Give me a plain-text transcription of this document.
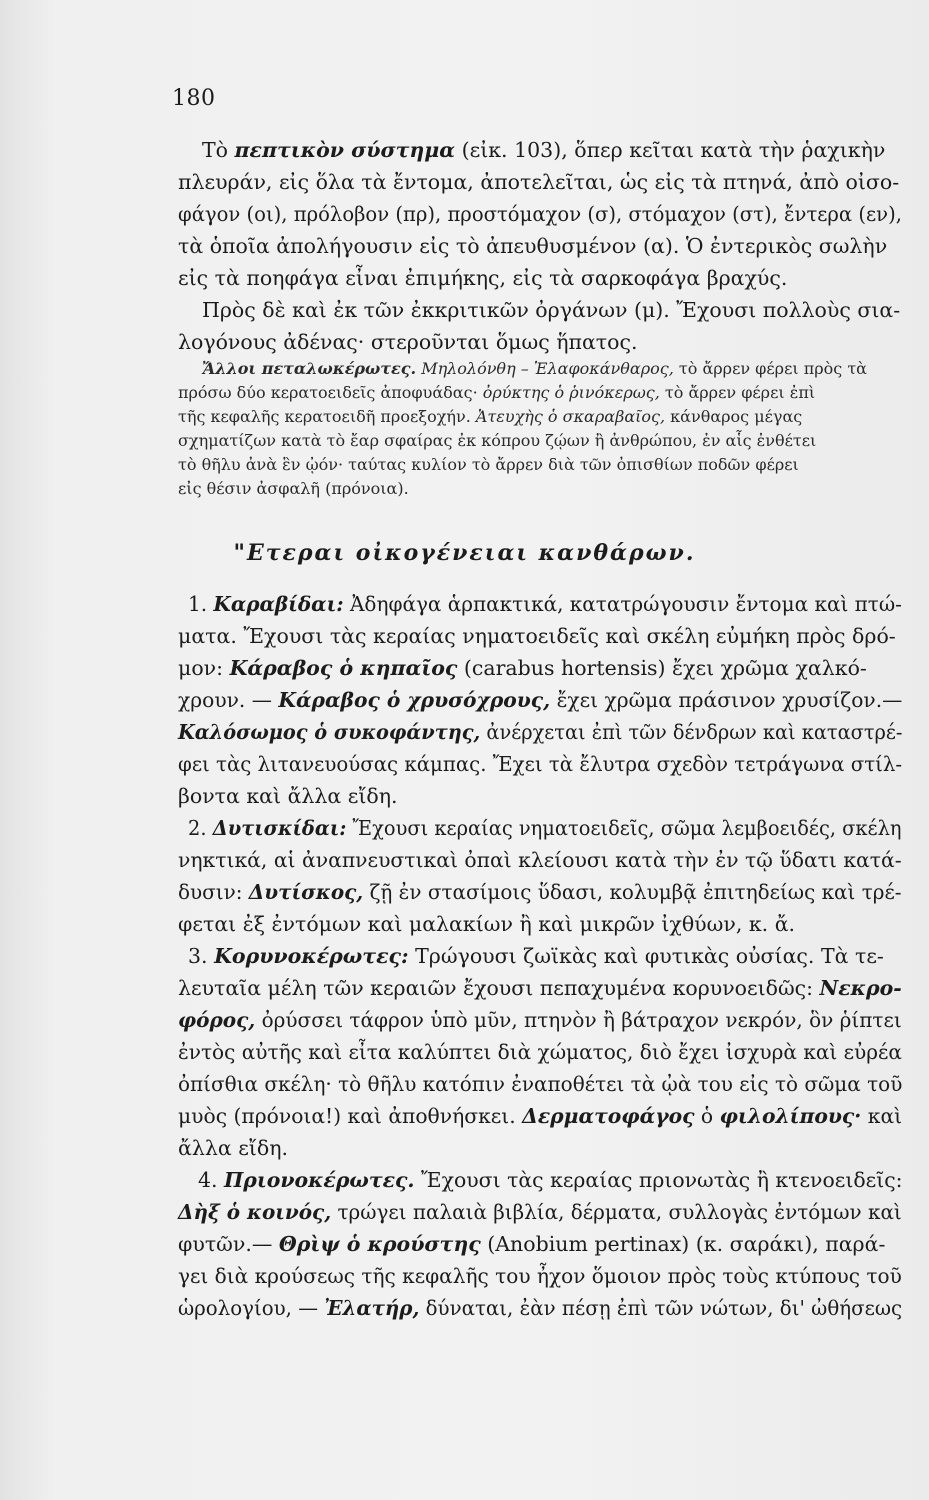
180
"Ετεραι οἰκογένειαι κανθάρων.
Τὸ πεπτικὸν σύστημα (εἰκ. 103), ὅπερ κεῖται κατὰ τὴν ῥαχικὴν
πλευράν, εἰς ὅλα τὰ ἔντομα, ἀποτελεῖται, ὡς εἰς τὰ πτηνά, ἀπὸ οἰσο-
φάγον (οι), πρόλοβον (πρ), προστόμαχον (σ), στόμαχον (στ), ἔντερα (εν),
τὰ ὁποῖα ἀπολήγουσιν εἰς τὸ ἀπευθυσμένον (α). Ὁ ἐντερικὸς σωλὴν
εἰς τὰ ποηφάγα εἶναι ἐπιμήκης, εἰς τὰ σαρκοφάγα βραχύς.
Πρὸς δὲ καὶ ἐκ τῶν ἐκκριτικῶν ὀργάνων (μ). Ἔχουσι πολλοὺς σια-
λογόνους ἀδένας· στεροῦνται ὅμως ἥπατος.
Ἄλλοι πεταλωκέρωτες. Μηλολόνθη – Ἐλαφοκάνθαρος, τὸ ἄρρεν φέρει πρὸς τὰ
πρόσω δύο κερατοειδεῖς ἀποφυάδας· ὀρύκτης ὁ ῥινόκερως, τὸ ἄρρεν φέρει ἐπὶ
τῆς κεφαλῆς κερατοειδῆ προεξοχήν. Ἀτευχὴς ὁ σκαραβαῖος, κάνθαρος μέγας
σχηματίζων κατὰ τὸ ἔαρ σφαίρας ἐκ κόπρου ζῴων ἢ ἀνθρώπου, ἐν αἷς ἐνθέτει
τὸ θῆλυ ἀνὰ ἓν ᾠόν· ταύτας κυλίον τὸ ἄρρεν διὰ τῶν ὀπισθίων ποδῶν φέρει
εἰς θέσιν ἀσφαλῆ (πρόνοια).
1. Καραβίδαι: Ἀδηφάγα ἁρπακτικά, κατατρώγουσιν ἔντομα καὶ πτώ-
ματα. Ἔχουσι τὰς κεραίας νηματοειδεῖς καὶ σκέλη εὐμήκη πρὸς δρό-
μον: Κάραβος ὁ κηπαῖος (carabus hortensis) ἔχει χρῶμα χαλκό-
χρουν. — Κάραβος ὁ χρυσόχρους, ἔχει χρῶμα πράσινον χρυσίζον.—
Καλόσωμος ὁ συκοφάντης, ἀνέρχεται ἐπὶ τῶν δένδρων καὶ καταστρέ-
φει τὰς λιτανευούσας κάμπας. Ἔχει τὰ ἔλυτρα σχεδὸν τετράγωνα στίλ-
βοντα καὶ ἄλλα εἴδη.
2. Δυτισκίδαι: Ἔχουσι κεραίας νηματοειδεῖς, σῶμα λεμβοειδές, σκέλη
νηκτικά, αἱ ἀναπνευστικαὶ ὀπαὶ κλείουσι κατὰ τὴν ἐν τῷ ὕδατι κατά-
δυσιν: Δυτίσκος, ζῇ ἐν στασίμοις ὕδασι, κολυμβᾷ ἐπιτηδείως καὶ τρέ-
φεται ἐξ ἐντόμων καὶ μαλακίων ἢ καὶ μικρῶν ἰχθύων, κ. ἄ.
3. Κορυνοκέρωτες: Τρώγουσι ζωϊκὰς καὶ φυτικὰς οὐσίας. Τὰ τε-
λευταῖα μέλη τῶν κεραιῶν ἔχουσι πεπαχυμένα κορυνοειδῶς: Νεκρο-
φόρος, ὀρύσσει τάφρον ὑπὸ μῦν, πτηνὸν ἢ βάτραχον νεκρόν, ὃν ῥίπτει
ἐντὸς αὐτῆς καὶ εἶτα καλύπτει διὰ χώματος, διὸ ἔχει ἰσχυρὰ καὶ εὐρέα
ὀπίσθια σκέλη· τὸ θῆλυ κατόπιν ἐναποθέτει τὰ ᾠὰ του εἰς τὸ σῶμα τοῦ
μυὸς (πρόνοια!) καὶ ἀποθνήσκει. Δερματοφάγος ὁ φιλολίπους· καὶ
ἄλλα εἴδη.
4. Πριονοκέρωτες. Ἔχουσι τὰς κεραίας πριονωτὰς ἢ κτενοειδεῖς:
Δὴξ ὁ κοινός, τρώγει παλαιὰ βιβλία, δέρματα, συλλογὰς ἐντόμων καὶ
φυτῶν.— Θρὶψ ὁ κρούστης (Anobium pertinax) (κ. σαράκι), παρά-
γει διὰ κρούσεως τῆς κεφαλῆς του ἦχον ὅμοιον πρὸς τοὺς κτύπους τοῦ
ὡρολογίου, — Ἐλατήρ, δύναται, ἐὰν πέσῃ ἐπὶ τῶν νώτων, δι' ὠθήσεως
